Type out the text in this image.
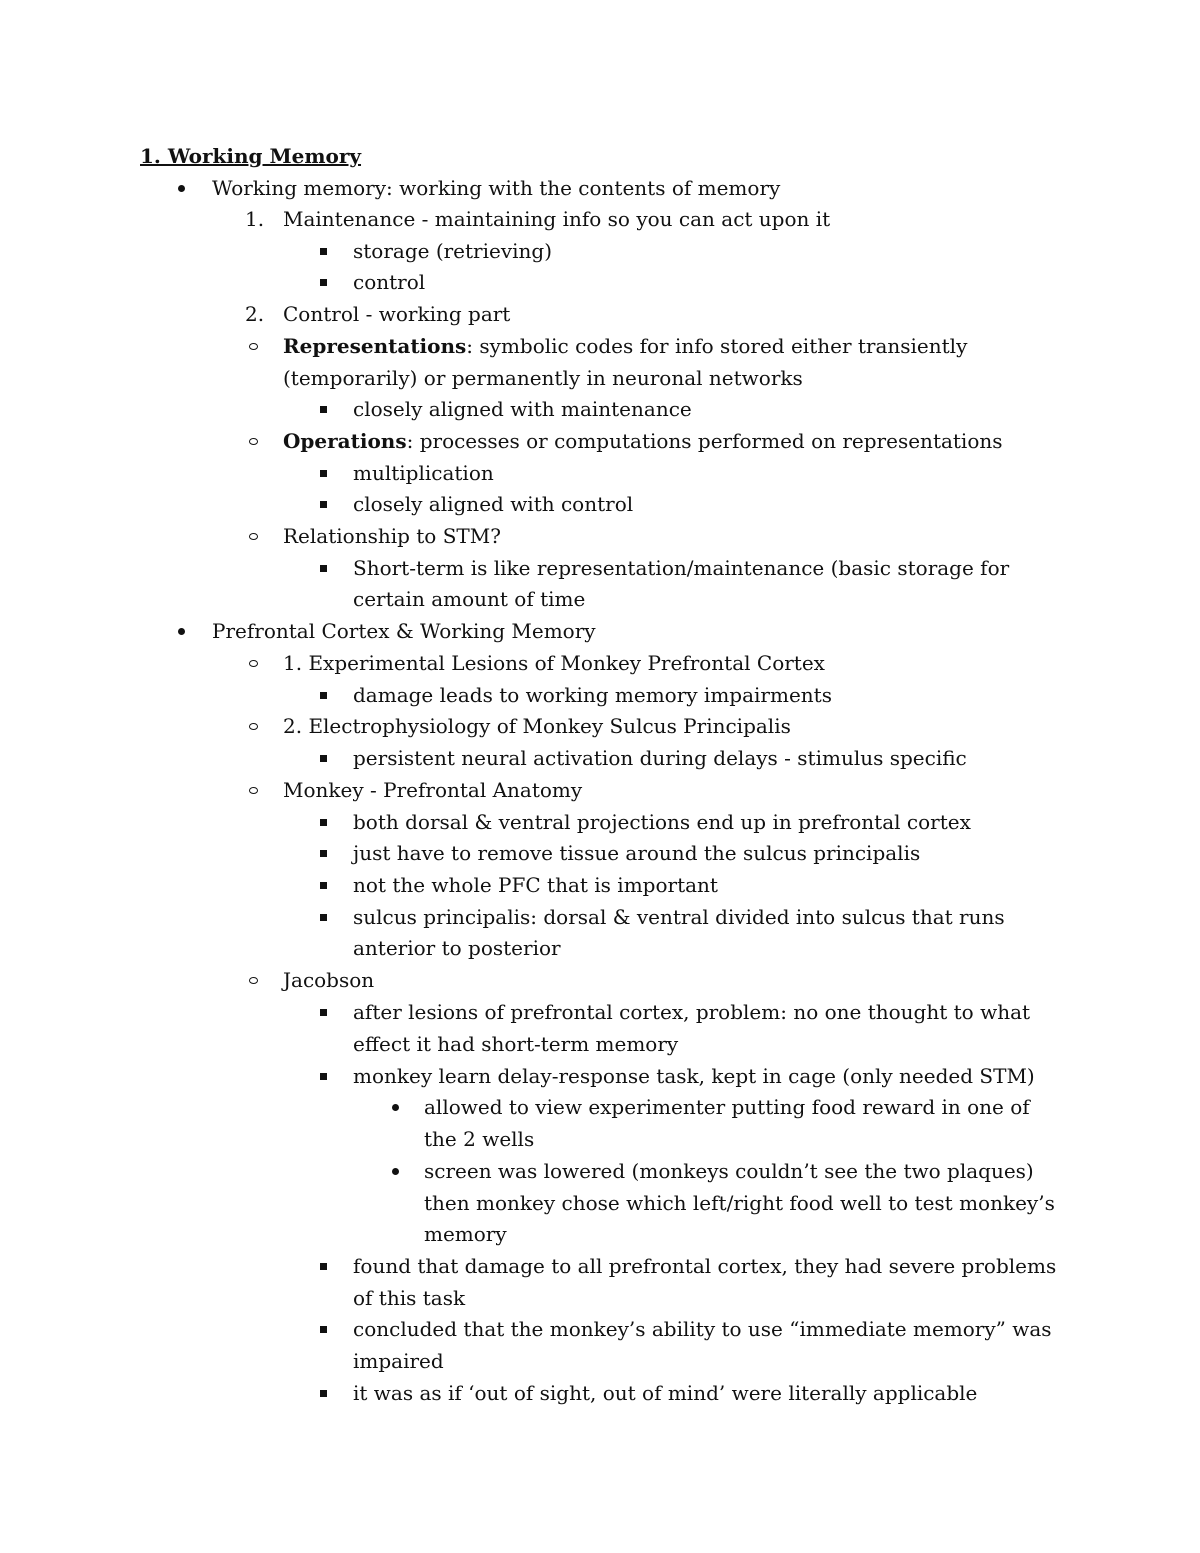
1. Working Memory
Working memory: working with the contents of memory
1. Maintenance - maintaining info so you can act upon it
storage (retrieving)
control
2. Control - working part
Representations: symbolic codes for info stored either transiently
(temporarily) or permanently in neuronal networks
closely aligned with maintenance
Operations: processes or computations performed on representations
multiplication
closely aligned with control
Relationship to STM?
Short-term is like representation/maintenance (basic storage for
certain amount of time
Prefrontal Cortex & Working Memory
1. Experimental Lesions of Monkey Prefrontal Cortex
damage leads to working memory impairments
2. Electrophysiology of Monkey Sulcus Principalis
persistent neural activation during delays - stimulus specific
Monkey - Prefrontal Anatomy
both dorsal & ventral projections end up in prefrontal cortex
just have to remove tissue around the sulcus principalis
not the whole PFC that is important
sulcus principalis: dorsal & ventral divided into sulcus that runs
anterior to posterior
Jacobson
after lesions of prefrontal cortex, problem: no one thought to what
effect it had short-term memory
monkey learn delay-response task, kept in cage (only needed STM)
allowed to view experimenter putting food reward in one of
the 2 wells
screen was lowered (monkeys couldn’t see the two plaques)
then monkey chose which left/right food well to test monkey’s
memory
found that damage to all prefrontal cortex, they had severe problems
of this task
concluded that the monkey’s ability to use “immediate memory” was
impaired
it was as if ‘out of sight, out of mind’ were literally applicable
